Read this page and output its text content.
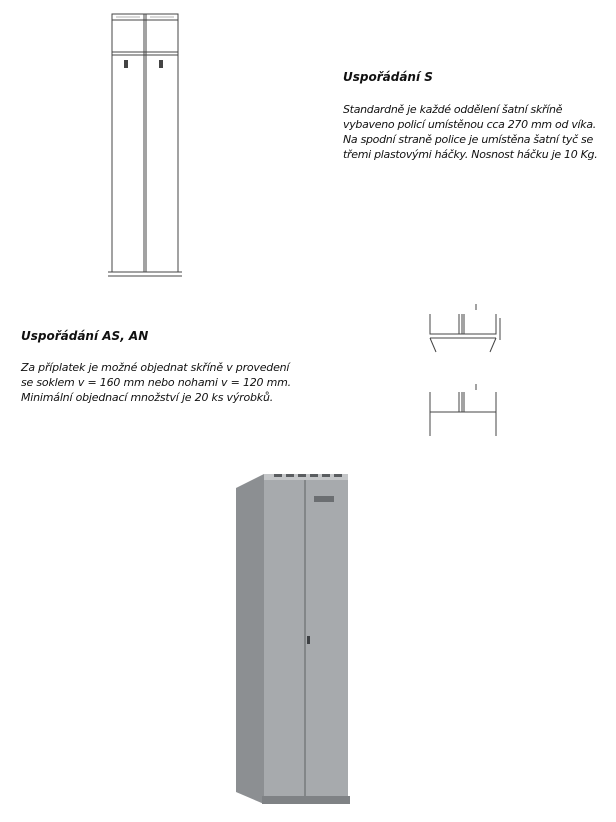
Uspořádání S

Standardně je každé oddělení šatní skříně
vybaveno policí umístěnou cca 270 mm od víka.
Na spodní straně police je umístěna šatní tyč se
třemi plastovými háčky. Nosnost háčku je 10 Kg.

Uspořádání AS, AN

Za příplatek je možné objednat skříně v provedení
se soklem v = 160 mm nebo nohami v = 120 mm.
Minimální objednací množství je 20 ks výrobků.
